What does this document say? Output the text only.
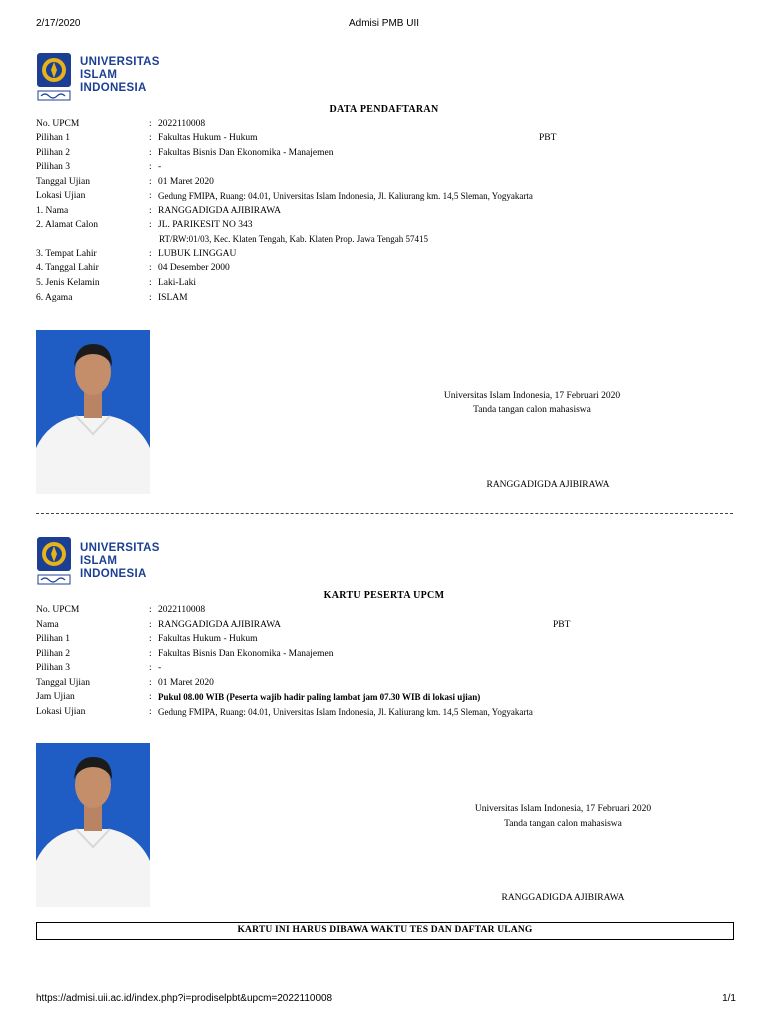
2/17/2020	Admisi PMB UII
UNIVERSITAS
ISLAM
INDONESIA
DATA PENDAFTARAN
No. UPCM	: 2022110008
Pilihan 1	: Fakultas Hukum - Hukum	PBT
Pilihan 2	: Fakultas Bisnis Dan Ekonomika - Manajemen
Pilihan 3	: -
Tanggal Ujian	: 01 Maret 2020
Lokasi Ujian	: Gedung FMIPA, Ruang: 04.01, Universitas Islam Indonesia, Jl. Kaliurang km. 14,5 Sleman, Yogyakarta
1. Nama	: RANGGADIGDA AJIBIRAWA
2. Alamat Calon	: JL. PARIKESIT NO 343
RT/RW:01/03, Kec. Klaten Tengah, Kab. Klaten Prop. Jawa Tengah 57415
3. Tempat Lahir	: LUBUK LINGGAU
4. Tanggal Lahir	: 04 Desember 2000
5. Jenis Kelamin	: Laki-Laki
6. Agama	: ISLAM
Universitas Islam Indonesia, 17 Februari 2020
Tanda tangan calon mahasiswa
RANGGADIGDA AJIBIRAWA
UNIVERSITAS
ISLAM
INDONESIA
KARTU PESERTA UPCM
No. UPCM	: 2022110008
Nama	: RANGGADIGDA AJIBIRAWA	PBT
Pilihan 1	: Fakultas Hukum - Hukum
Pilihan 2	: Fakultas Bisnis Dan Ekonomika - Manajemen
Pilihan 3	: -
Tanggal Ujian	: 01 Maret 2020
Jam Ujian	: Pukul 08.00 WIB (Peserta wajib hadir paling lambat jam 07.30 WIB di lokasi ujian)
Lokasi Ujian	: Gedung FMIPA, Ruang: 04.01, Universitas Islam Indonesia, Jl. Kaliurang km. 14,5 Sleman, Yogyakarta
Universitas Islam Indonesia, 17 Februari 2020
Tanda tangan calon mahasiswa
RANGGADIGDA AJIBIRAWA
KARTU INI HARUS DIBAWA WAKTU TES DAN DAFTAR ULANG
https://admisi.uii.ac.id/index.php?i=prodiselpbt&upcm=2022110008	1/1
